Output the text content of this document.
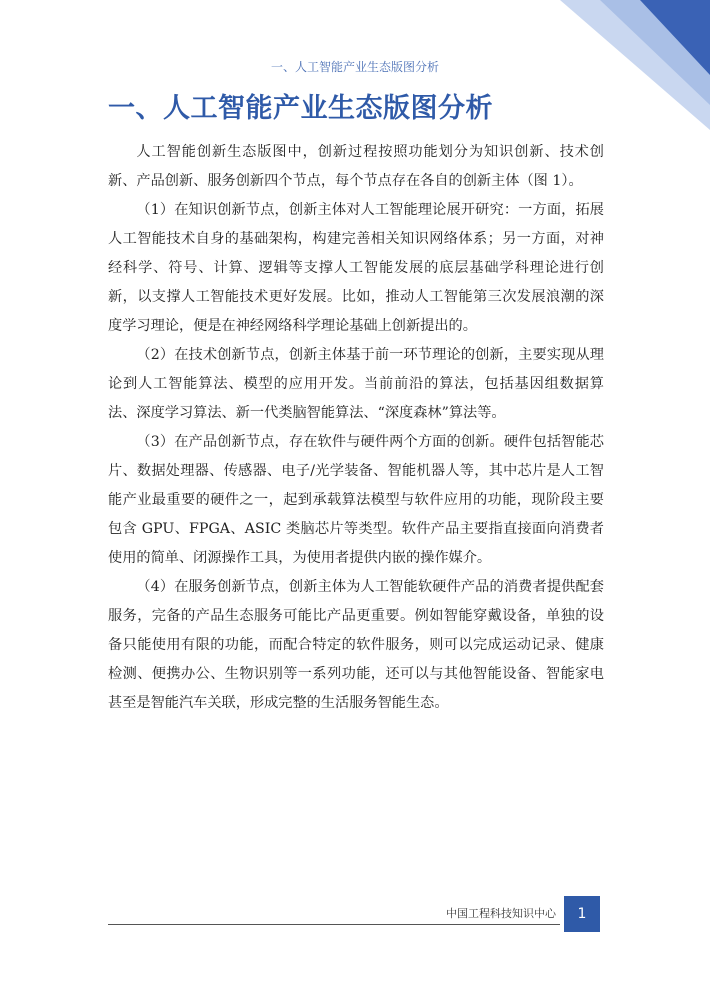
一、人工智能产业生态版图分析
一、人工智能产业生态版图分析

人工智能创新生态版图中，创新过程按照功能划分为知识创新、技术创新、产品创新、服务创新四个节点，每个节点存在各自的创新主体（图 1）。

（1）在知识创新节点，创新主体对人工智能理论展开研究：一方面，拓展人工智能技术自身的基础架构，构建完善相关知识网络体系；另一方面，对神经科学、符号、计算、逻辑等支撑人工智能发展的底层基础学科理论进行创新，以支撑人工智能技术更好发展。比如，推动人工智能第三次发展浪潮的深度学习理论，便是在神经网络科学理论基础上创新提出的。

（2）在技术创新节点，创新主体基于前一环节理论的创新，主要实现从理论到人工智能算法、模型的应用开发。当前前沿的算法，包括基因组数据算法、深度学习算法、新一代类脑智能算法、“深度森林”算法等。

（3）在产品创新节点，存在软件与硬件两个方面的创新。硬件包括智能芯片、数据处理器、传感器、电子/光学装备、智能机器人等，其中芯片是人工智能产业最重要的硬件之一，起到承载算法模型与软件应用的功能，现阶段主要包含 GPU、FPGA、ASIC 类脑芯片等类型。软件产品主要指直接面向消费者使用的简单、闭源操作工具，为使用者提供内嵌的操作媒介。

（4）在服务创新节点，创新主体为人工智能软硬件产品的消费者提供配套服务，完备的产品生态服务可能比产品更重要。例如智能穿戴设备，单独的设备只能使用有限的功能，而配合特定的软件服务，则可以完成运动记录、健康检测、便携办公、生物识别等一系列功能，还可以与其他智能设备、智能家电甚至是智能汽车关联，形成完整的生活服务智能生态。

中国工程科技知识中心	1
